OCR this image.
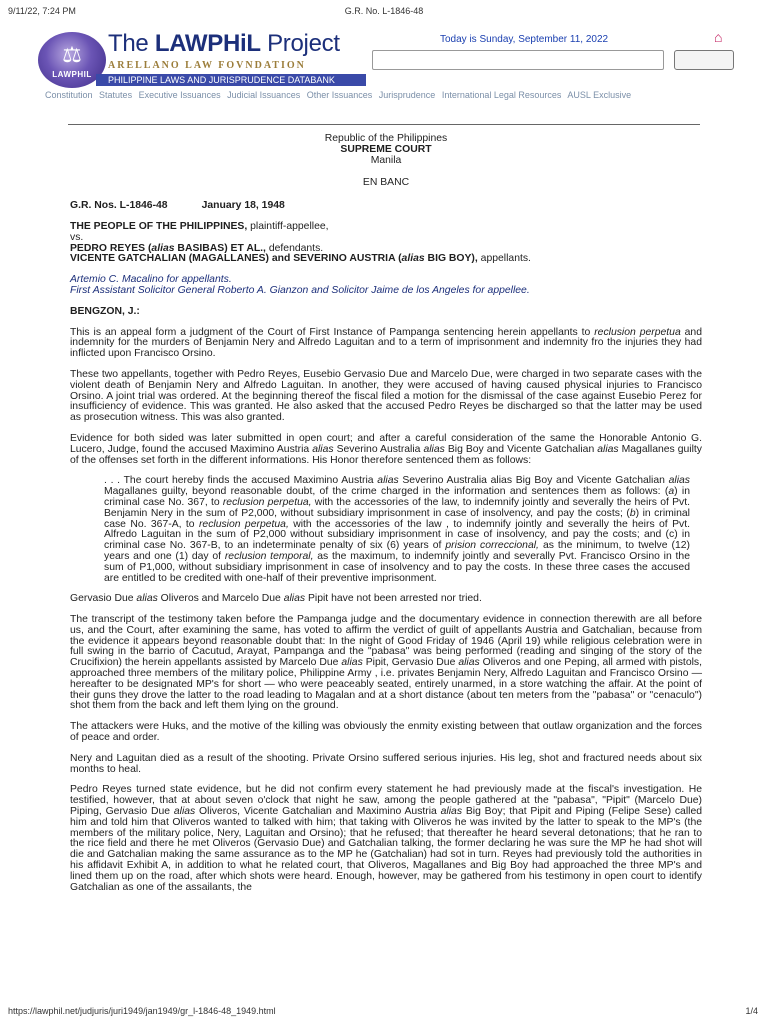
9/11/22, 7:24 PM	G.R. No. L-1846-48
⚖
LAWPHIL
The LAWPHiL Project
ARELLANO LAW FOVNDATION
PHILIPPINE LAWS AND JURISPRUDENCE DATABANK
Today is Sunday, September 11, 2022	⌂
Constitution Statutes Executive Issuances Judicial Issuances Other Issuances Jurisprudence International Legal Resources AUSL Exclusive

Republic of the Philippines

SUPREME COURT

Manila

EN BANC

G.R. Nos. L-1846-48	January 18, 1948

THE PEOPLE OF THE PHILIPPINES, plaintiff-appellee,
vs.
PEDRO REYES (alias BASIBAS) ET AL., defendants.
VICENTE GATCHALIAN (MAGALLANES) and SEVERINO AUSTRIA (alias BIG BOY), appellants.

Artemio C. Macalino for appellants.
First Assistant Solicitor General Roberto A. Gianzon and Solicitor Jaime de los Angeles for appellee.

BENGZON, J.:

This is an appeal form a judgment of the Court of First Instance of Pampanga sentencing herein appellants to reclusion perpetua and indemnity for the murders of Benjamin Nery and Alfredo Laguitan and to a term of imprisonment and indemnity fro the injuries they had inflicted upon Francisco Orsino.

These two appellants, together with Pedro Reyes, Eusebio Gervasio Due and Marcelo Due, were charged in two separate cases with the violent death of Benjamin Nery and Alfredo Laguitan. In another, they were accused of having caused physical injuries to Francisco Orsino. A joint trial was ordered. At the beginning thereof the fiscal filed a motion for the dismissal of the case against Eusebio Perez for insufficiency of evidence. This was granted. He also asked that the accused Pedro Reyes be discharged so that the latter may be used as prosecution witness. This was also granted.

Evidence for both sided was later submitted in open court; and after a careful consideration of the same the Honorable Antonio G. Lucero, Judge, found the accused Maximino Austria alias Severino Australia alias Big Boy and Vicente Gatchalian alias Magallanes guilty of the offenses set forth in the different informations. His Honor therefore sentenced them as follows:

. . . The court hereby finds the accused Maximino Austria alias Severino Australia alias Big Boy and Vicente Gatchalian alias Magallanes guilty, beyond reasonable doubt, of the crime charged in the information and sentences them as follows: (a) in criminal case No. 367, to reclusion perpetua, with the accessories of the law, to indemnify jointly and severally the heirs of Pvt. Benjamin Nery in the sum of P2,000, without subsidiary imprisonment in case of insolvency, and pay the costs; (b) in criminal case No. 367-A, to reclusion perpetua, with the accessories of the law , to indemnify jointly and severally the heirs of Pvt. Alfredo Laguitan in the sum of P2,000 without subsidiary imprisonment in case of insolvency, and pay the costs; and (c) in criminal case No. 367-B, to an indeterminate penalty of six (6) years of prision correccional, as the minimum, to twelve (12) years and one (1) day of reclusion temporal, as the maximum, to indemnify jointly and severally Pvt. Francisco Orsino in the sum of P1,000, without subsidiary imprisonment in case of insolvency and to pay the costs. In these three cases the accused are entitled to be credited with one-half of their preventive imprisonment.

Gervasio Due alias Oliveros and Marcelo Due alias Pipit have not been arrested nor tried.

The transcript of the testimony taken before the Pampanga judge and the documentary evidence in connection therewith are all before us, and the Court, after examining the same, has voted to affirm the verdict of guilt of appellants Austria and Gatchalian, because from the evidence it appears beyond reasonable doubt that: In the night of Good Friday of 1946 (April 19) while religious celebration were in full swing in the barrio of Cacutud, Arayat, Pampanga and the "pabasa" was being performed (reading and singing of the story of the Crucifixion) the herein appellants assisted by Marcelo Due alias Pipit, Gervasio Due alias Oliveros and one Peping, all armed with pistols, approached three members of the military police, Philippine Army , i.e. privates Benjamin Nery, Alfredo Laguitan and Francisco Orsino — hereafter to be designated MP's for short — who were peaceably seated, entirely unarmed, in a store watching the affair. At the point of their guns they drove the latter to the road leading to Magalan and at a short distance (about ten meters from the "pabasa" or "cenaculo") shot them from the back and left them lying on the ground.

The attackers were Huks, and the motive of the killing was obviously the enmity existing between that outlaw organization and the forces of peace and order.

Nery and Laguitan died as a result of the shooting. Private Orsino suffered serious injuries. His leg, shot and fractured needs about six months to heal.

Pedro Reyes turned state evidence, but he did not confirm every statement he had previously made at the fiscal's investigation. He testified, however, that at about seven o'clock that night he saw, among the people gathered at the "pabasa", "Pipit" (Marcelo Due) Piping, Gervasio Due alias Oliveros, Vicente Gatchalian and Maximino Austria alias Big Boy; that Pipit and Piping (Felipe Sese) called him and told him that Oliveros wanted to talked with him; that taking with Oliveros he was invited by the latter to speak to the MP's (the members of the military police, Nery, Laguitan and Orsino); that he refused; that thereafter he heard several detonations; that he ran to the rice field and there he met Oliveros (Gervasio Due) and Gatchalian talking, the former declaring he was sure the MP he had shot will die and Gatchalian making the same assurance as to the MP he (Gatchalian) had sot in turn. Reyes had previously told the authorities in his affidavit Exhibit A, in addition to what he related court, that Oliveros, Magallanes and Big Boy had approached the three MP's and lined them up on the road, after which shots were heard. Enough, however, may be gathered from his testimony in open court to identify Gatchalian as one of the assailants, the

https://lawphil.net/judjuris/juri1949/jan1949/gr_l-1846-48_1949.html	1/4
